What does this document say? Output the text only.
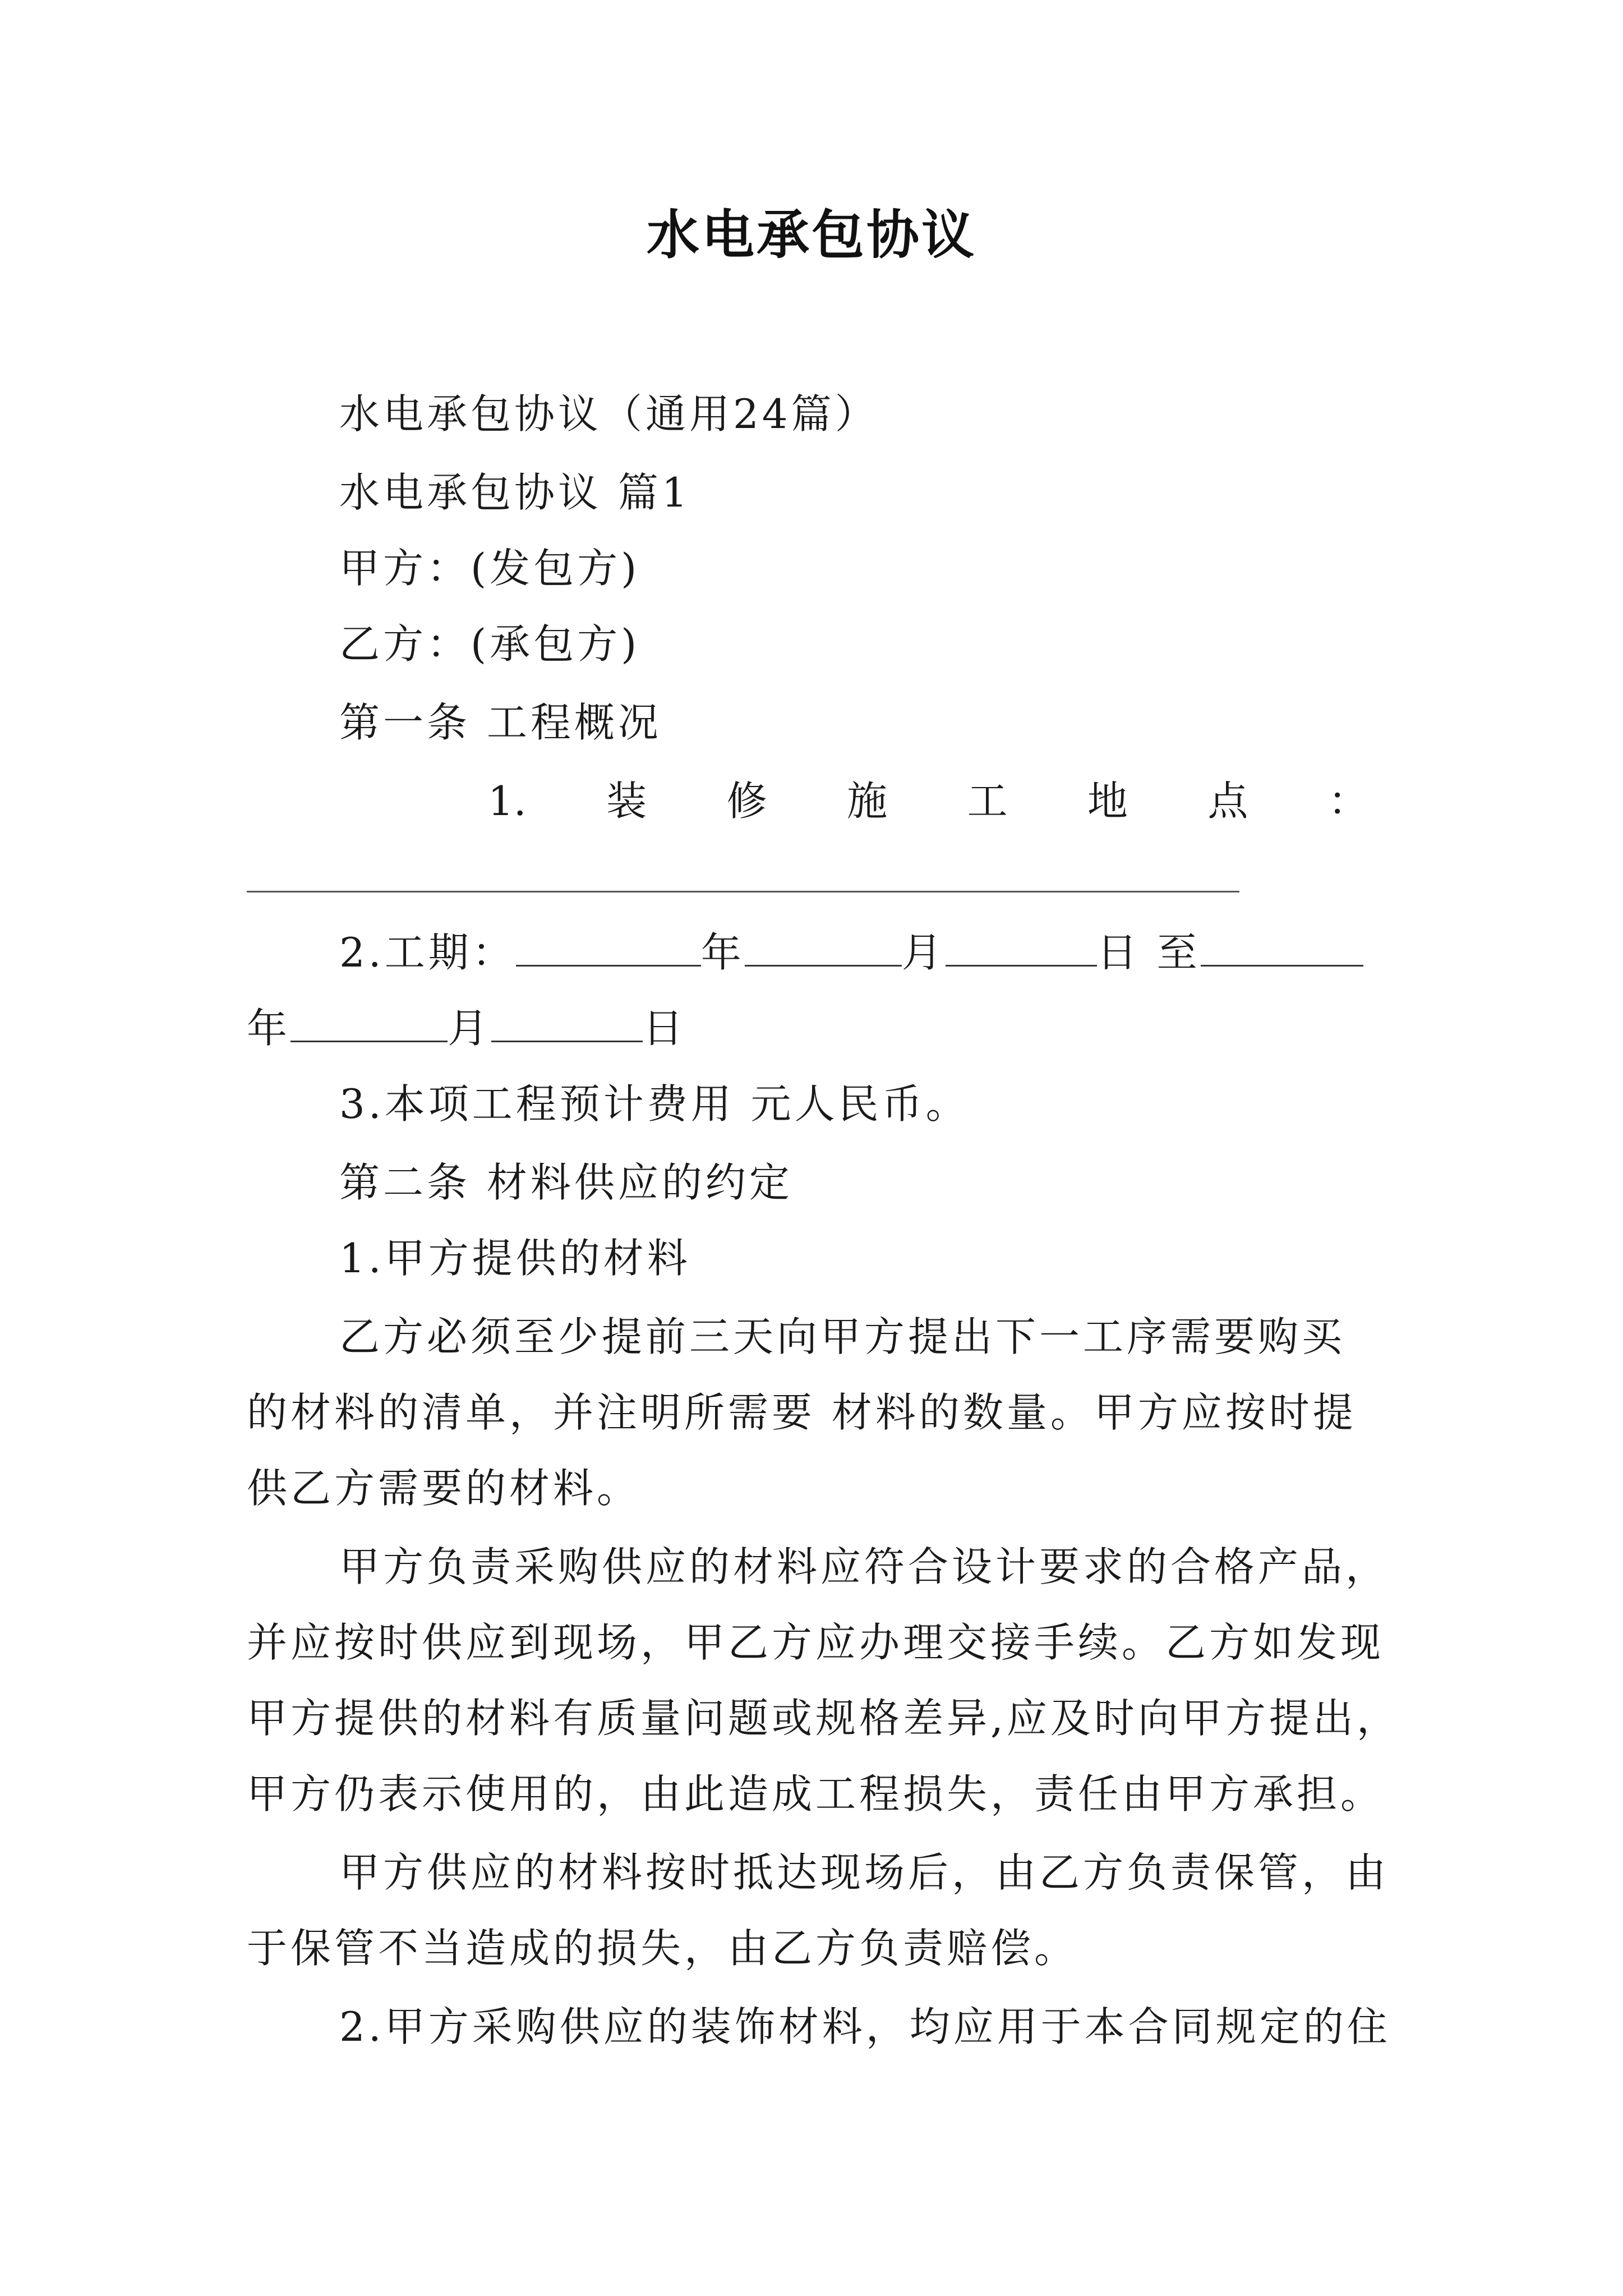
水电承包协议
水电承包协议（通用24篇）
水电承包协议 篇1
甲方：(发包方)
乙方：(承包方)
第一条 工程概况
1. 装 修 施 工 地 点 ：
2.工期：	年	月	日 至
年	月	日
3.本项工程预计费用 元人民币。
第二条 材料供应的约定
1.甲方提供的材料
乙方必须至少提前三天向甲方提出下一工序需要购买
的材料的清单，并注明所需要 材料的数量。甲方应按时提
供乙方需要的材料。
甲方负责采购供应的材料应符合设计要求的合格产品，
并应按时供应到现场，甲乙方应办理交接手续。乙方如发现
甲方提供的材料有质量问题或规格差异,应及时向甲方提出，
甲方仍表示使用的，由此造成工程损失，责任由甲方承担。
甲方供应的材料按时抵达现场后，由乙方负责保管，由
于保管不当造成的损失，由乙方负责赔偿。
2.甲方采购供应的装饰材料，均应用于本合同规定的住
